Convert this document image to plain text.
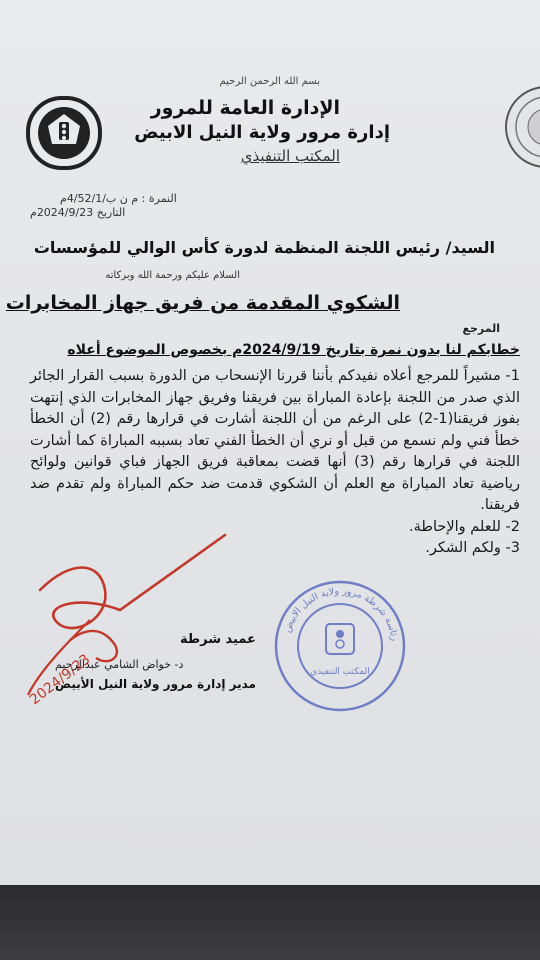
بسم الله الرحمن الرحيم
الإدارة العامة للمرور
إدارة مرور ولاية النيل الابيض
المكتب التنفيذي
النمرة : م ن ب/4/52/1م
التاريخ 2024/9/23م
السيد/ رئيس اللجنة المنظمة لدورة كأس الوالي للمؤسسات
السلام عليكم ورحمة الله وبركاته
الشكوي المقدمة من فريق جهاز المخابرات
المرجع
خطابكم لنا بدون نمرة بتاريخ 2024/9/19م بخصوص الموضوع أعلاه

1- مشيراً للمرجع أعلاه نفيدكم بأننا قررنا الإنسحاب من الدورة بسبب القرار الجائر الذي صدر من اللجنة بإعادة المباراة بين فريقنا وفريق جهاز المخابرات الذي إنتهت بفوز فريقنا(1-2) على الرغم من أن اللجنة أشارت في قرارها رقم (2) أن الخطأ خطأ فني ولم نسمع من قبل أو نري أن الخطأ الفني تعاد بسببه المباراة كما أشارت اللجنة في قرارها رقم (3) أنها قضت بمعاقبة فريق الجهاز فباي قوانين ولوائح رياضية تعاد المباراة مع العلم أن الشكوي قدمت ضد حكم المباراة ولم تقدم ضد فريقنا.

2- للعلم والإحاطة.

3- ولكم الشكر.

2024/9/23
عميد شرطة
د- خواض الشامي عبدالرحيم
مدير إدارة مرور ولاية النيل الأبيض
رئاسة شرطة مرور ولاية النيل الابيض
المكتب التنفيذي
